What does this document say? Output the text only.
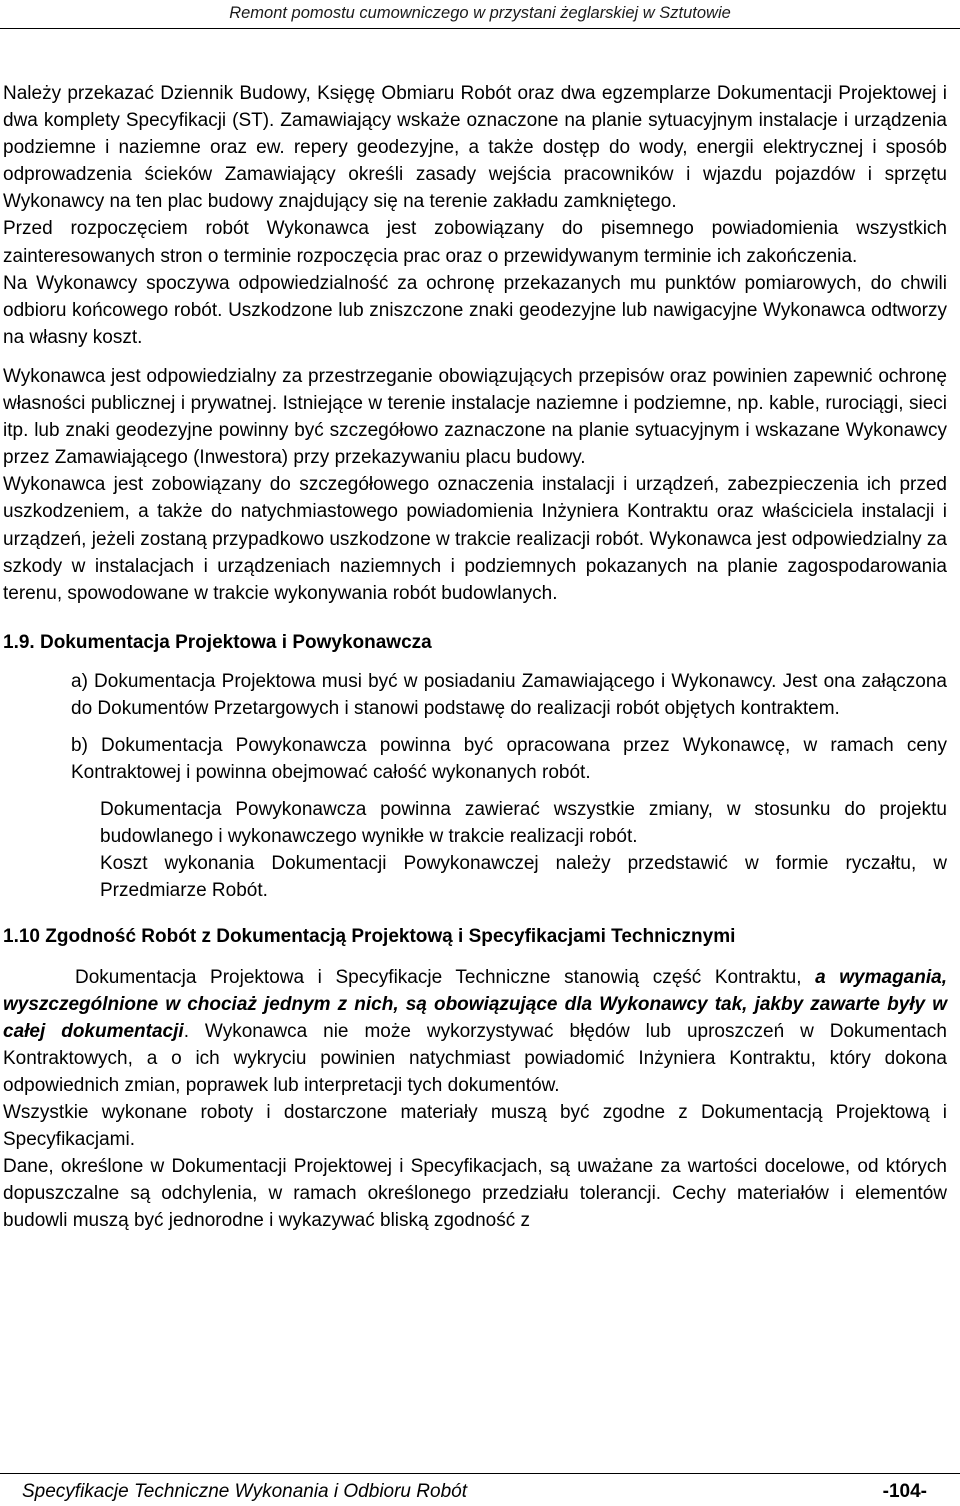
Remont pomostu cumowniczego w przystani żeglarskiej w Sztutowie

Należy przekazać Dziennik Budowy, Księgę Obmiaru Robót oraz dwa egzemplarze Dokumentacji Projektowej i dwa komplety Specyfikacji (ST). Zamawiający wskaże oznaczone na planie sytuacyjnym instalacje i urządzenia podziemne i naziemne oraz ew. repery geodezyjne, a także dostęp do wody, energii elektrycznej i sposób odprowadzenia ścieków Zamawiający określi zasady wejścia pracowników i wjazdu pojazdów i sprzętu Wykonawcy na ten plac budowy znajdujący się na terenie zakładu zamkniętego.

Przed rozpoczęciem robót Wykonawca jest zobowiązany do pisemnego powiadomienia wszystkich zainteresowanych stron o terminie rozpoczęcia prac oraz o przewidywanym terminie ich zakończenia.

Na Wykonawcy spoczywa odpowiedzialność za ochronę przekazanych mu punktów pomiarowych, do chwili odbioru końcowego robót. Uszkodzone lub zniszczone znaki geodezyjne lub nawigacyjne Wykonawca odtworzy na własny koszt.

Wykonawca jest odpowiedzialny za przestrzeganie obowiązujących przepisów oraz powinien zapewnić ochronę własności publicznej i prywatnej. Istniejące w terenie instalacje naziemne i podziemne, np. kable, rurociągi, sieci itp. lub znaki geodezyjne powinny być szczegółowo zaznaczone na planie sytuacyjnym i wskazane Wykonawcy przez Zamawiającego (Inwestora) przy przekazywaniu placu budowy.

Wykonawca jest zobowiązany do szczegółowego oznaczenia instalacji i urządzeń, zabezpieczenia ich przed uszkodzeniem, a także do natychmiastowego powiadomienia Inżyniera Kontraktu oraz właściciela instalacji i urządzeń, jeżeli zostaną przypadkowo uszkodzone w trakcie realizacji robót. Wykonawca jest odpowiedzialny za szkody w instalacjach i urządzeniach naziemnych i podziemnych pokazanych na planie zagospodarowania terenu, spowodowane w trakcie wykonywania robót budowlanych.

1.9. Dokumentacja Projektowa i Powykonawcza

a) Dokumentacja Projektowa musi być w posiadaniu Zamawiającego i Wykonawcy. Jest ona załączona do Dokumentów Przetargowych i stanowi podstawę do realizacji robót objętych kontraktem.

b) Dokumentacja Powykonawcza powinna być opracowana przez Wykonawcę, w ramach ceny Kontraktowej i powinna obejmować całość wykonanych robót.

Dokumentacja Powykonawcza powinna zawierać wszystkie zmiany, w stosunku do projektu budowlanego i wykonawczego wynikłe w trakcie realizacji robót.

Koszt wykonania Dokumentacji Powykonawczej należy przedstawić w formie ryczałtu, w Przedmiarze Robót.

1.10 Zgodność Robót z Dokumentacją Projektową i Specyfikacjami Technicznymi

Dokumentacja Projektowa i Specyfikacje Techniczne stanowią część Kontraktu, a wymagania, wyszczególnione w chociaż jednym z nich, są obowiązujące dla Wykonawcy tak, jakby zawarte były w całej dokumentacji. Wykonawca nie może wykorzystywać błędów lub uproszczeń w Dokumentach Kontraktowych, a o ich wykryciu powinien natychmiast powiadomić Inżyniera Kontraktu, który dokona odpowiednich zmian, poprawek lub interpretacji tych dokumentów.

Wszystkie wykonane roboty i dostarczone materiały muszą być zgodne z Dokumentacją Projektową i Specyfikacjami.

Dane, określone w Dokumentacji Projektowej i Specyfikacjach, są uważane za wartości docelowe, od których dopuszczalne są odchylenia, w ramach określonego przedziału tolerancji. Cechy materiałów i elementów budowli muszą być jednorodne i wykazywać bliską zgodność z

Specyfikacje Techniczne Wykonania i Odbioru Robót	-104-
